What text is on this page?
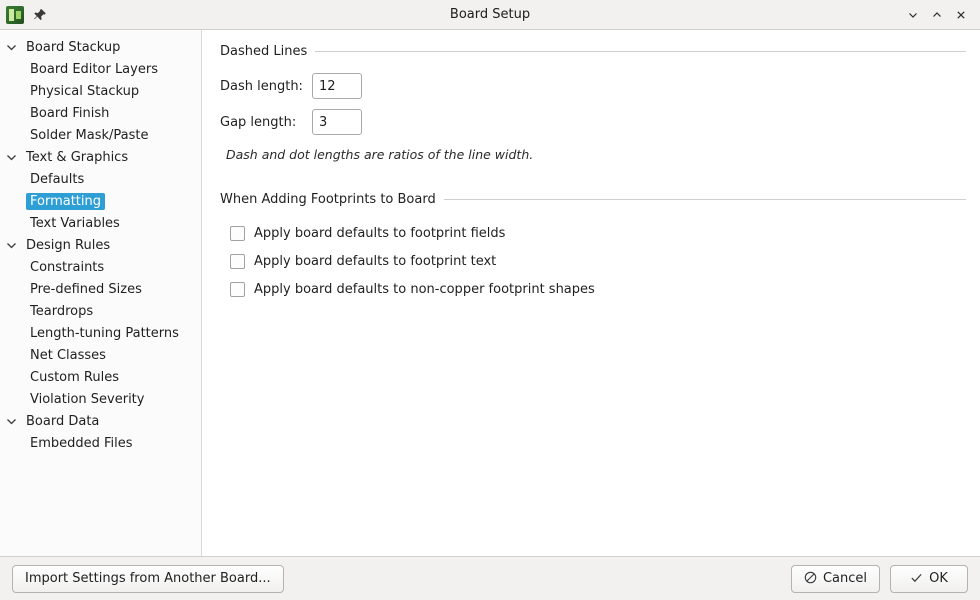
Board Setup
Board Stackup
Board Editor Layers
Physical Stackup
Board Finish
Solder Mask/Paste
Text & Graphics
Defaults
Formatting
Text Variables
Design Rules
Constraints
Pre-defined Sizes
Teardrops
Length-tuning Patterns
Net Classes
Custom Rules
Violation Severity
Board Data
Embedded Files
Dashed Lines
Dash length:
12
Gap length:
3
Dash and dot lengths are ratios of the line width.
When Adding Footprints to Board
Apply board defaults to footprint fields
Apply board defaults to footprint text
Apply board defaults to non-copper footprint shapes
Import Settings from Another Board...	Cancel	OK
